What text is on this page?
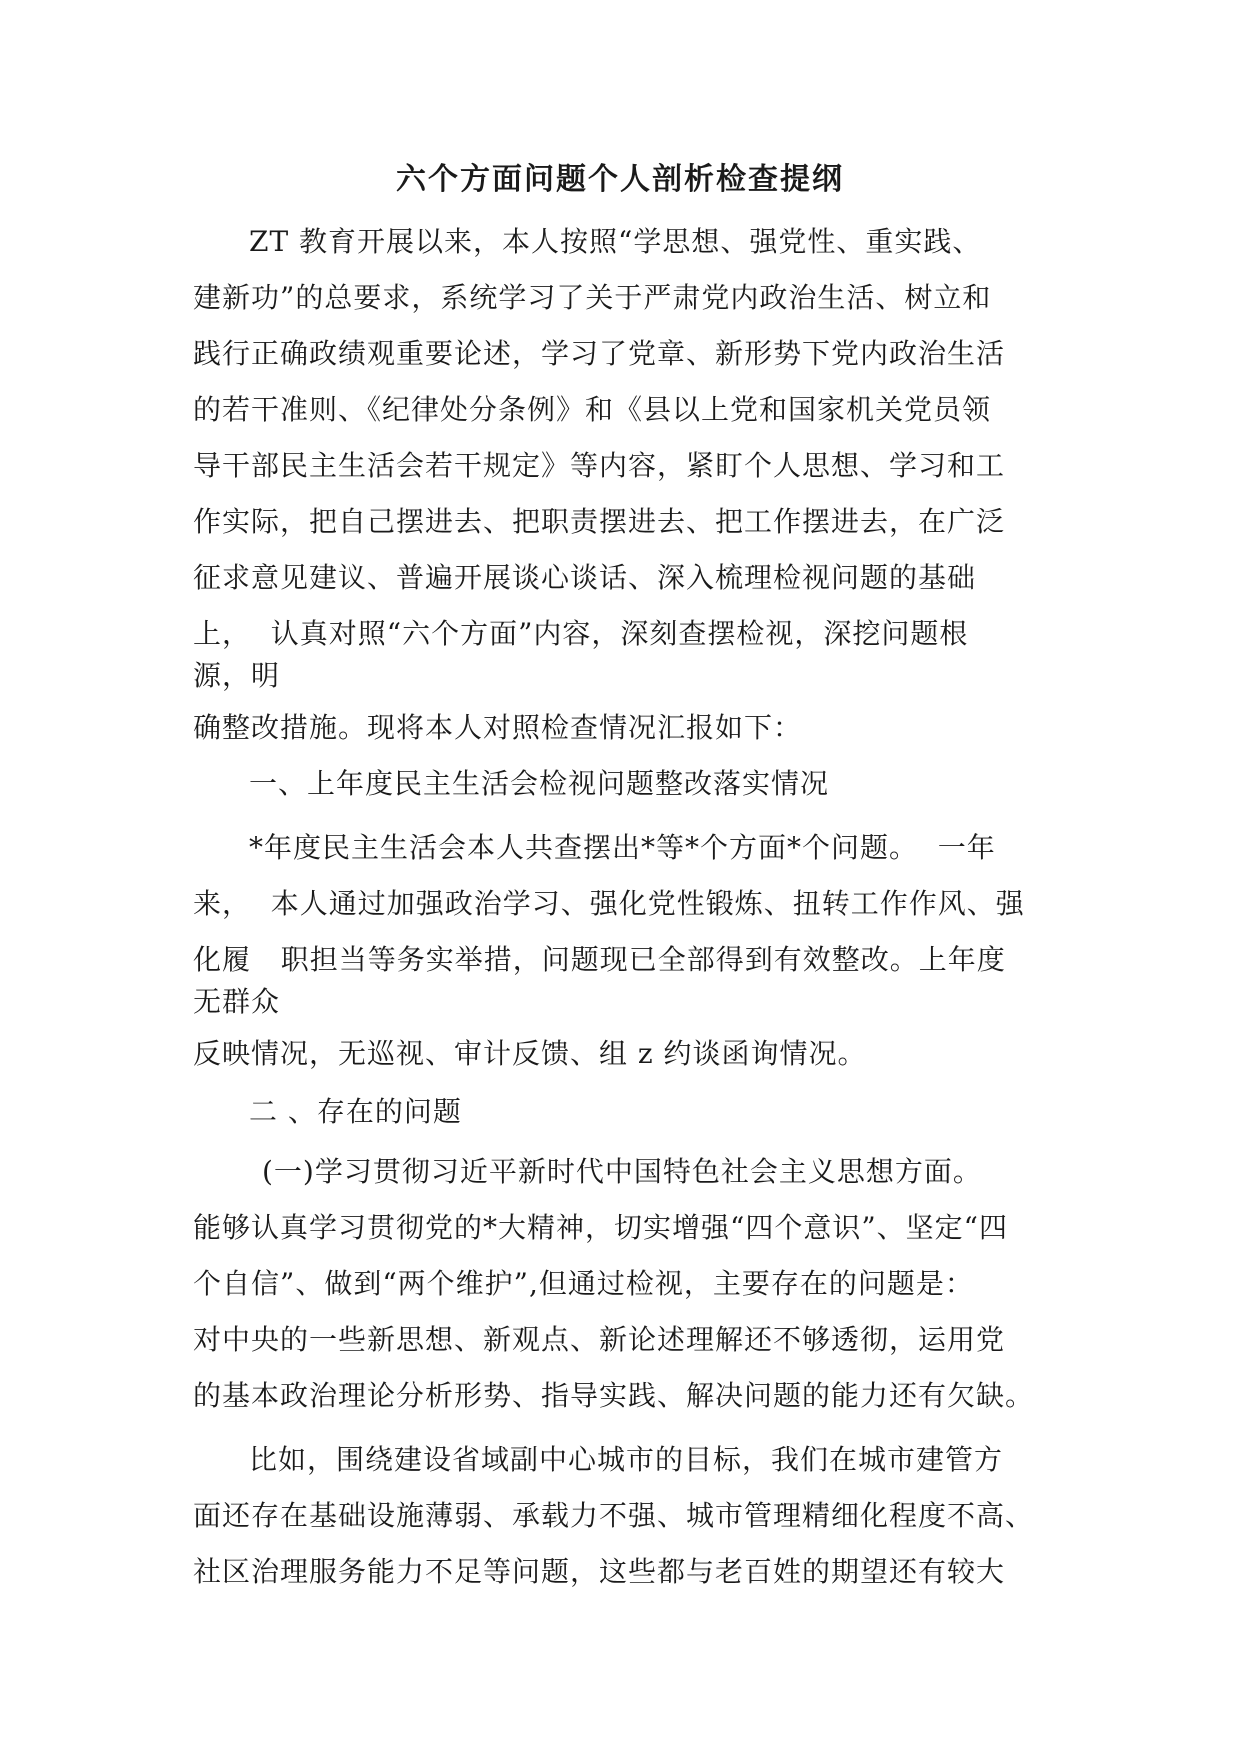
六个方面问题个人剖析检查提纲
ZT 教育开展以来，本人按照“学思想、强党性、重实践、
建新功”的总要求，系统学习了关于严肃党内政治生活、树立和
践行正确政绩观重要论述，学习了党章、新形势下党内政治生活
的若干准则、《纪律处分条例》和《县以上党和国家机关党员领
导干部民主生活会若干规定》等内容，紧盯个人思想、学习和工
作实际，把自己摆进去、把职责摆进去、把工作摆进去，在广泛
征求意见建议、普遍开展谈心谈话、深入梳理检视问题的基础
上，  认真对照“六个方面”内容，深刻查摆检视，深挖问题根
源，明
确整改措施。现将本人对照检查情况汇报如下：
一、上年度民主生活会检视问题整改落实情况
*年度民主生活会本人共查摆出*等*个方面*个问题。  一年
来，  本人通过加强政治学习、强化党性锻炼、扭转工作作风、强
化履   职担当等务实举措，问题现已全部得到有效整改。上年度
无群众
反映情况，无巡视、审计反馈、组 z 约谈函询情况。
二 、存在的问题
(一)学习贯彻习近平新时代中国特色社会主义思想方面。
能够认真学习贯彻党的*大精神，切实增强“四个意识”、坚定“四
个自信”、做到“两个维护”,但通过检视，主要存在的问题是：
对中央的一些新思想、新观点、新论述理解还不够透彻，运用党
的基本政治理论分析形势、指导实践、解决问题的能力还有欠缺。
比如，围绕建设省域副中心城市的目标，我们在城市建管方
面还存在基础设施薄弱、承载力不强、城市管理精细化程度不高、
社区治理服务能力不足等问题，这些都与老百姓的期望还有较大
